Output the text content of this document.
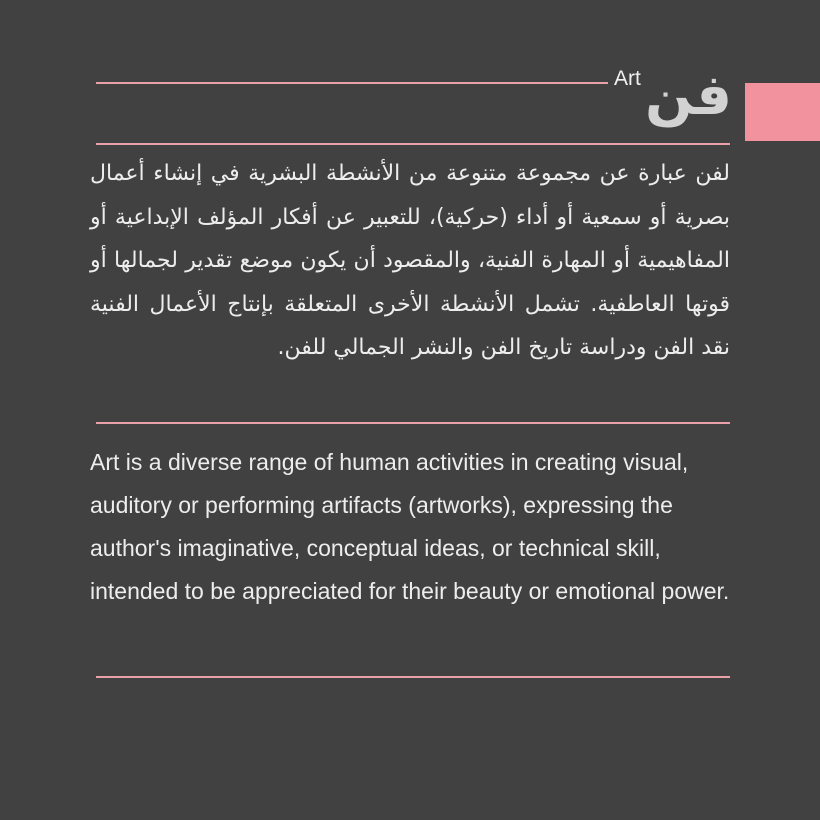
Art فن

لفن عبارة عن مجموعة متنوعة من الأنشطة البشرية في إنشاء أعمال بصرية أو سمعية أو أداء (حركية)، للتعبير عن أفكار المؤلف الإبداعية أو المفاهيمية أو المهارة الفنية، والمقصود أن يكون موضع تقدير لجمالها أو قوتها العاطفية. تشمل الأنشطة الأخرى المتعلقة بإنتاج الأعمال الفنية نقد الفن ودراسة تاريخ الفن والنشر الجمالي للفن.

Art is a diverse range of human activities in creating visual, auditory or performing artifacts (artworks), expressing the author's imaginative, conceptual ideas, or technical skill, intended to be appreciated for their beauty or emotional power.
